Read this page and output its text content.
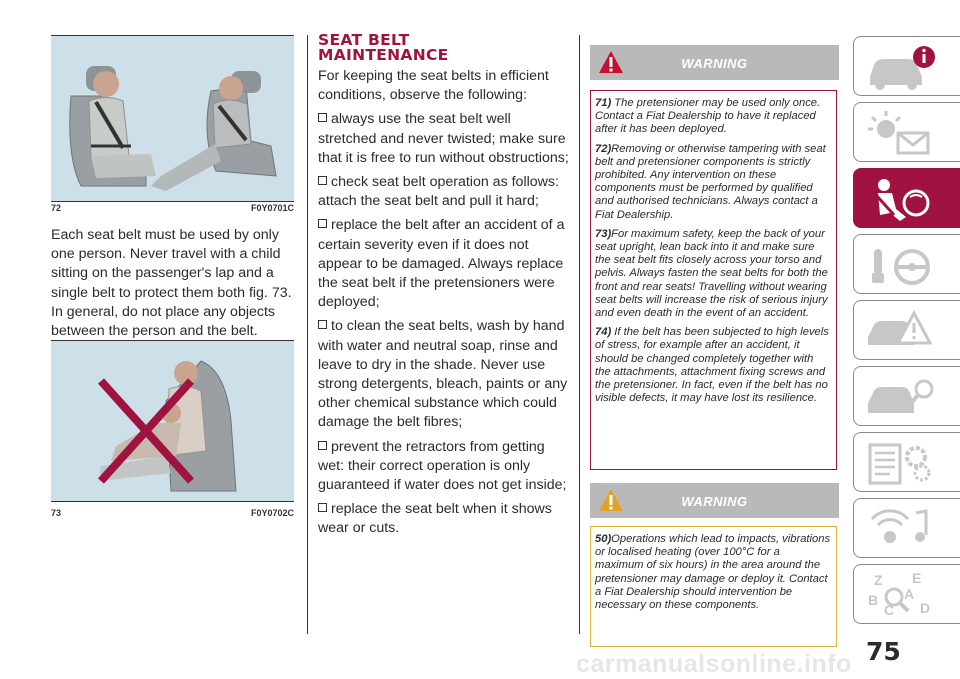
72	F0Y0701C

Each seat belt must be used by only one person. Never travel with a child sitting on the passenger's lap and a single belt to protect them both fig. 73. In general, do not place any objects between the person and the belt.

73	F0Y0702C
SEAT BELT
MAINTENANCE

For keeping the seat belts in efficient conditions, observe the following:

always use the seat belt well stretched and never twisted; make sure that it is free to run without obstructions;

check seat belt operation as follows: attach the seat belt and pull it hard;

replace the belt after an accident of a certain severity even if it does not appear to be damaged. Always replace the seat belt if the pretensioners were deployed;

to clean the seat belts, wash by hand with water and neutral soap, rinse and leave to dry in the shade. Never use strong detergents, bleach, paints or any other chemical substance which could damage the belt fibres;

prevent the retractors from getting wet: their correct operation is only guaranteed if water does not get inside;

replace the seat belt when it shows wear or cuts.

WARNING

71) The pretensioner may be used only once. Contact a Fiat Dealership to have it replaced after it has been deployed.

72)Removing or otherwise tampering with seat belt and pretensioner components is strictly prohibited. Any intervention on these components must be performed by qualified and authorised technicians. Always contact a Fiat Dealership.

73)For maximum safety, keep the back of your seat upright, lean back into it and make sure the seat belt fits closely across your torso and pelvis. Always fasten the seat belts for both the front and rear seats! Travelling without wearing seat belts will increase the risk of serious injury and even death in the event of an accident.

74) If the belt has been subjected to high levels of stress, for example after an accident, it should be changed completely together with the attachments, attachment fixing screws and the pretensioner. In fact, even if the belt has no visible defects, it may have lost its resilience.

WARNING

50)Operations which lead to impacts, vibrations or localised heating (over 100°C for a maximum of six hours) in the area around the pretensioner may damage or deploy it. Contact a Fiat Dealership should intervention be necessary on these components.

Z E
A
B
C D
75
carmanualsonline.info
